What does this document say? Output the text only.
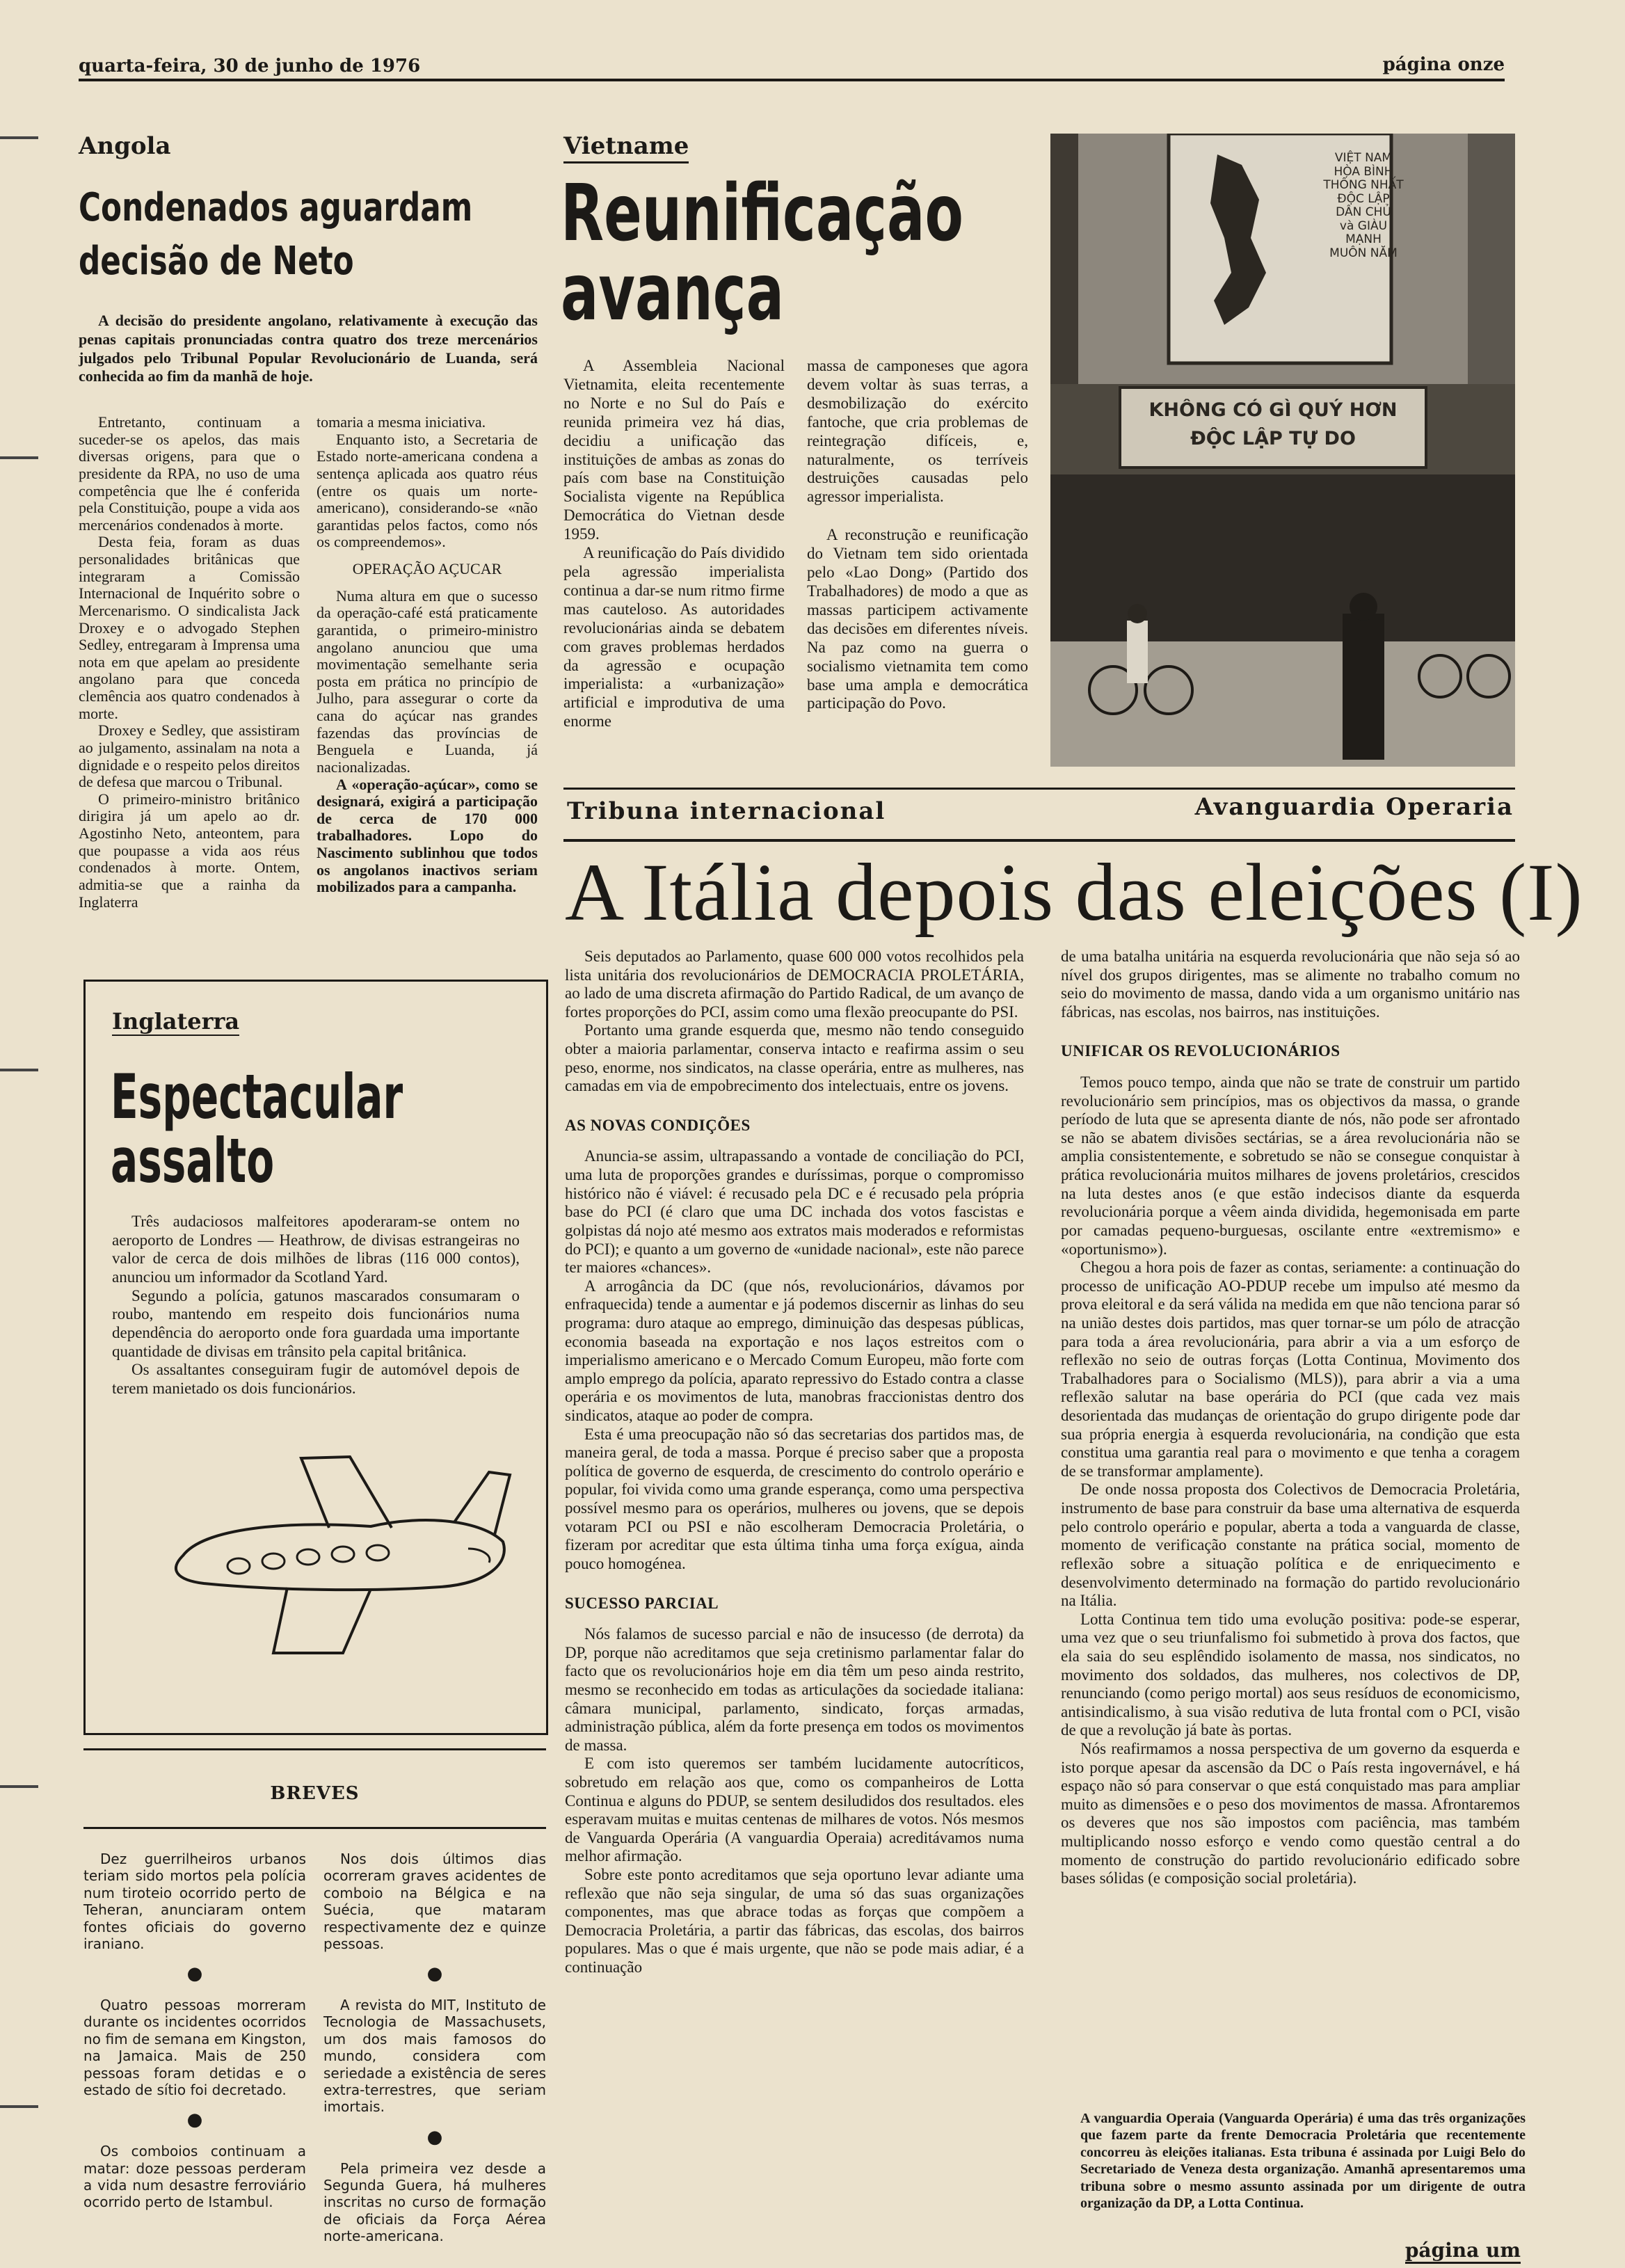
quarta-feira, 30 de junho de 1976	página onze
Angola
Condenados aguardam
decisão de Neto

A decisão do presidente angolano, relativamente à execução das penas capitais pronunciadas contra quatro dos treze mercenários julgados pelo Tribunal Popular Revolucionário de Luanda, será conhecida ao fim da manhã de hoje.

Entretanto, continuam a suceder-se os apelos, das mais diversas origens, para que o presidente da RPA, no uso de uma competência que lhe é conferida pela Constituição, poupe a vida aos mercenários condenados à morte.

Desta feia, foram as duas personalidades britânicas que integraram a Comissão Internacional de Inquérito sobre o Mercenarismo. O sindicalista Jack Droxey e o advogado Stephen Sedley, entregaram à Imprensa uma nota em que apelam ao presidente angolano para que conceda clemência aos quatro condenados à morte.

Droxey e Sedley, que assistiram ao julgamento, assinalam na nota a dignidade e o respeito pelos direitos de defesa que marcou o Tribunal.

O primeiro-ministro britânico dirigira já um apelo ao dr. Agostinho Neto, anteontem, para que poupasse a vida aos réus condenados à morte. Ontem, admitia-se que a rainha da Inglaterra

tomaria a mesma iniciativa.

Enquanto isto, a Secretaria de Estado norte-americana condena a sentença aplicada aos quatro réus (entre os quais um norte-americano), considerando-se «não garantidas pelos factos, como nós os compreendemos».

OPERAÇÃO AÇUCAR

Numa altura em que o sucesso da operação-café está praticamente garantida, o primeiro-ministro angolano anunciou que uma movimentação semelhante seria posta em prática no princípio de Julho, para assegurar o corte da cana do açúcar nas grandes fazendas das províncias de Benguela e Luanda, já nacionalizadas.

A «operação-açúcar», como se designará, exigirá a participação de cerca de 170 000 trabalhadores. Lopo do Nascimento sublinhou que todos os angolanos inactivos seriam mobilizados para a campanha.

Vietname
Reunificação
avança

A Assembleia Nacional Vietnamita, eleita recentemente no Norte e no Sul do País e reunida primeira vez há dias, decidiu a unificação das instituições de ambas as zonas do país com base na Constituição Socialista vigente na República Democrática do Vietnan desde 1959.

A reunificação do País dividido pela agressão imperialista continua a dar-se num ritmo firme mas cauteloso. As autoridades revolucionárias ainda se debatem com graves problemas herdados da agressão e ocupação imperialista: a «urbanização» artificial e improdutiva de uma enorme

massa de camponeses que agora devem voltar às suas terras, a desmobilização do exército fantoche, que cria problemas de reintegração difíceis, e, naturalmente, os terríveis destruições causadas pelo agressor imperialista.

A reconstrução e reunificação do Vietnam tem sido orientada pelo «Lao Dong» (Partido dos Trabalhadores) de modo a que as massas participem activamente das decisões em diferentes níveis. Na paz como na guerra o socialismo vietnamita tem como base uma ampla e democrática participação do Povo.

VIỆT NAM
HÒA BÌNH
THỐNG NHẤT
ĐỘC LẬP
DÂN CHỦ
và GIÀU MẠNH
MUÔN NĂM
KHÔNG CÓ GÌ QUÝ HƠN
ĐỘC LẬP TỰ DO
Inglaterra
Espectacular
assalto

Três audaciosos malfeitores apoderaram-se ontem no aeroporto de Londres — Heathrow, de divisas estrangeiras no valor de cerca de dois milhões de libras (116 000 contos), anunciou um informador da Scotland Yard.

Segundo a polícia, gatunos mascarados consumaram o roubo, mantendo em respeito dois funcionários numa dependência do aeroporto onde fora guardada uma importante quantidade de divisas em trânsito pela capital britânica.

Os assaltantes conseguiram fugir de automóvel depois de terem manietado os dois funcionários.

BREVES

Dez guerrilheiros urbanos teriam sido mortos pela polícia num tiroteio ocorrido perto de Teheran, anunciaram ontem fontes oficiais do governo iraniano.

●

Quatro pessoas morreram durante os incidentes ocorridos no fim de semana em Kingston, na Jamaica. Mais de 250 pessoas foram detidas e o estado de sítio foi decretado.

●

Os comboios continuam a matar: doze pessoas perderam a vida num desastre ferroviário ocorrido perto de Istambul.

Nos dois últimos dias ocorreram graves acidentes de comboio na Bélgica e na Suécia, que mataram respectivamente dez e quinze pessoas.

●

A revista do MIT, Instituto de Tecnologia de Massachusets, um dos mais famosos do mundo, considera com seriedade a existência de seres extra-terrestres, que seriam imortais.

●

Pela primeira vez desde a Segunda Guera, há mulheres inscritas no curso de formação de oficiais da Força Aérea norte-americana.

Tribuna internacional	Avanguardia Operaria
A Itália depois das eleições (I)

Seis deputados ao Parlamento, quase 600 000 votos recolhidos pela lista unitária dos revolucionários de DEMOCRACIA PROLETÁRIA, ao lado de uma discreta afirmação do Partido Radical, de um avanço de fortes proporções do PCI, assim como uma flexão preocupante do PSI.

Portanto uma grande esquerda que, mesmo não tendo conseguido obter a maioria parlamentar, conserva intacto e reafirma assim o seu peso, enorme, nos sindicatos, na classe operária, entre as mulheres, nas camadas em via de empobrecimento dos intelectuais, entre os jovens.

AS NOVAS CONDIÇÕES

Anuncia-se assim, ultrapassando a vontade de conciliação do PCI, uma luta de proporções grandes e duríssimas, porque o compromisso histórico não é viável: é recusado pela DC e é recusado pela própria base do PCI (é claro que uma DC inchada dos votos fascistas e golpistas dá nojo até mesmo aos extratos mais moderados e reformistas do PCI); e quanto a um governo de «unidade nacional», este não parece ter maiores «chances».

A arrogância da DC (que nós, revolucionários, dávamos por enfraquecida) tende a aumentar e já podemos discernir as linhas do seu programa: duro ataque ao emprego, diminuição das despesas públicas, economia baseada na exportação e nos laços estreitos com o imperialismo americano e o Mercado Comum Europeu, mão forte com amplo emprego da polícia, aparato repressivo do Estado contra a classe operária e os movimentos de luta, manobras fraccionistas dentro dos sindicatos, ataque ao poder de compra.

Esta é uma preocupação não só das secretarias dos partidos mas, de maneira geral, de toda a massa. Porque é preciso saber que a proposta política de governo de esquerda, de crescimento do controlo operário e popular, foi vivida como uma grande esperança, como uma perspectiva possível mesmo para os operários, mulheres ou jovens, que se depois votaram PCI ou PSI e não escolheram Democracia Proletária, o fizeram por acreditar que esta última tinha uma força exígua, ainda pouco homogénea.

SUCESSO PARCIAL

Nós falamos de sucesso parcial e não de insucesso (de derrota) da DP, porque não acreditamos que seja cretinismo parlamentar falar do facto que os revolucionários hoje em dia têm um peso ainda restrito, mesmo se reconhecido em todas as articulações da sociedade italiana: câmara municipal, parlamento, sindicato, forças armadas, administração pública, além da forte presença em todos os movimentos de massa.

E com isto queremos ser também lucidamente autocríticos, sobretudo em relação aos que, como os companheiros de Lotta Continua e alguns do PDUP, se sentem desiludidos dos resultados. eles esperavam muitas e muitas centenas de milhares de votos. Nós mesmos de Vanguarda Operária (A vanguardia Operaia) acreditávamos numa melhor afirmação.

Sobre este ponto acreditamos que seja oportuno levar adiante uma reflexão que não seja singular, de uma só das suas organizações componentes, mas que abrace todas as forças que compõem a Democracia Proletária, a partir das fábricas, das escolas, dos bairros populares. Mas o que é mais urgente, que não se pode mais adiar, é a continuação

de uma batalha unitária na esquerda revolucionária que não seja só ao nível dos grupos dirigentes, mas se alimente no trabalho comum no seio do movimento de massa, dando vida a um organismo unitário nas fábricas, nas escolas, nos bairros, nas instituições.

UNIFICAR OS REVOLUCIONÁRIOS

Temos pouco tempo, ainda que não se trate de construir um partido revolucionário sem princípios, mas os objectivos da massa, o grande período de luta que se apresenta diante de nós, não pode ser afrontado se não se abatem divisões sectárias, se a área revolucionária não se amplia consistentemente, e sobretudo se não se consegue conquistar à prática revolucionária muitos milhares de jovens proletários, crescidos na luta destes anos (e que estão indecisos diante da esquerda revolucionária porque a vêem ainda dividida, hegemonisada em parte por camadas pequeno-burguesas, oscilante entre «extremismo» e «oportunismo»).

Chegou a hora pois de fazer as contas, seriamente: a continuação do processo de unificação AO-PDUP recebe um impulso até mesmo da prova eleitoral e da será válida na medida em que não tenciona parar só na união destes dois partidos, mas quer tornar-se um pólo de atracção para toda a área revolucionária, para abrir a via a um esforço de reflexão no seio de outras forças (Lotta Continua, Movimento dos Trabalhadores para o Socialismo (MLS)), para abrir a via a uma reflexão salutar na base operária do PCI (que cada vez mais desorientada das mudanças de orientação do grupo dirigente pode dar sua própria energia à esquerda revolucionária, na condição que esta constitua uma garantia real para o movimento e que tenha a coragem de se transformar amplamente).

De onde nossa proposta dos Colectivos de Democracia Proletária, instrumento de base para construir da base uma alternativa de esquerda pelo controlo operário e popular, aberta a toda a vanguarda de classe, momento de verificação constante na prática social, momento de reflexão sobre a situação política e de enriquecimento e desenvolvimento determinado na formação do partido revolucionário na Itália.

Lotta Continua tem tido uma evolução positiva: pode-se esperar, uma vez que o seu triunfalismo foi submetido à prova dos factos, que ela saia do seu esplêndido isolamento de massa, nos sindicatos, no movimento dos soldados, das mulheres, nos colectivos de DP, renunciando (como perigo mortal) aos seus resíduos de economicismo, antisindicalismo, à sua visão redutiva de luta frontal com o PCI, visão de que a revolução já bate às portas.

Nós reafirmamos a nossa perspectiva de um governo da esquerda e isto porque apesar da ascensão da DC o País resta ingovernável, e há espaço não só para conservar o que está conquistado mas para ampliar muito as dimensões e o peso dos movimentos de massa. Afrontaremos os deveres que nos são impostos com paciência, mas também multiplicando nosso esforço e vendo como questão central a do momento de construção do partido revolucionário edificado sobre bases sólidas (e composição social proletária).

A vanguardia Operaia (Vanguarda Operária) é uma das três organizações que fazem parte da frente Democracia Proletária que recentemente concorreu às eleições italianas. Esta tribuna é assinada por Luigi Belo do Secretariado de Veneza desta organização. Amanhã apresentaremos uma tribuna sobre o mesmo assunto assinada por um dirigente de outra organização da DP, a Lotta Continua.
página um
